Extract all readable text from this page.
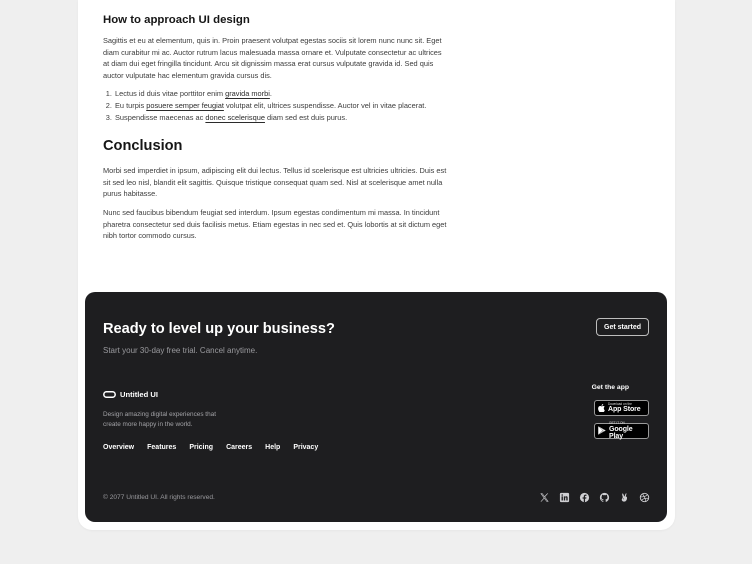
How to approach UI design

Sagittis et eu at elementum, quis in. Proin praesent volutpat egestas sociis sit lorem nunc nunc sit. Eget diam curabitur mi ac. Auctor rutrum lacus malesuada massa ornare et. Vulputate consectetur ac ultrices at diam dui eget fringilla tincidunt. Arcu sit dignissim massa erat cursus vulputate gravida id. Sed quis auctor vulputate hac elementum gravida cursus dis.

1. Lectus id duis vitae porttitor enim gravida morbi.
2. Eu turpis posuere semper feugiat volutpat elit, ultrices suspendisse. Auctor vel in vitae placerat.
3. Suspendisse maecenas ac donec scelerisque diam sed est duis purus.
Conclusion

Morbi sed imperdiet in ipsum, adipiscing elit dui lectus. Tellus id scelerisque est ultricies ultricies. Duis est sit sed leo nisl, blandit elit sagittis. Quisque tristique consequat quam sed. Nisl at scelerisque amet nulla purus habitasse.

Nunc sed faucibus bibendum feugiat sed interdum. Ipsum egestas condimentum mi massa. In tincidunt pharetra consectetur sed duis facilisis metus. Etiam egestas in nec sed et. Quis lobortis at sit dictum eget nibh tortor commodo cursus.

Ready to level up your business?
Start your 30-day free trial. Cancel anytime.
Get started
Untitled UI
Design amazing digital experiences that create more happy in the world.
Overview Features Pricing Careers Help Privacy
Get the app
Download on the
App Store
GET IT ON
Google Play
© 2077 Untitled UI. All rights reserved.
